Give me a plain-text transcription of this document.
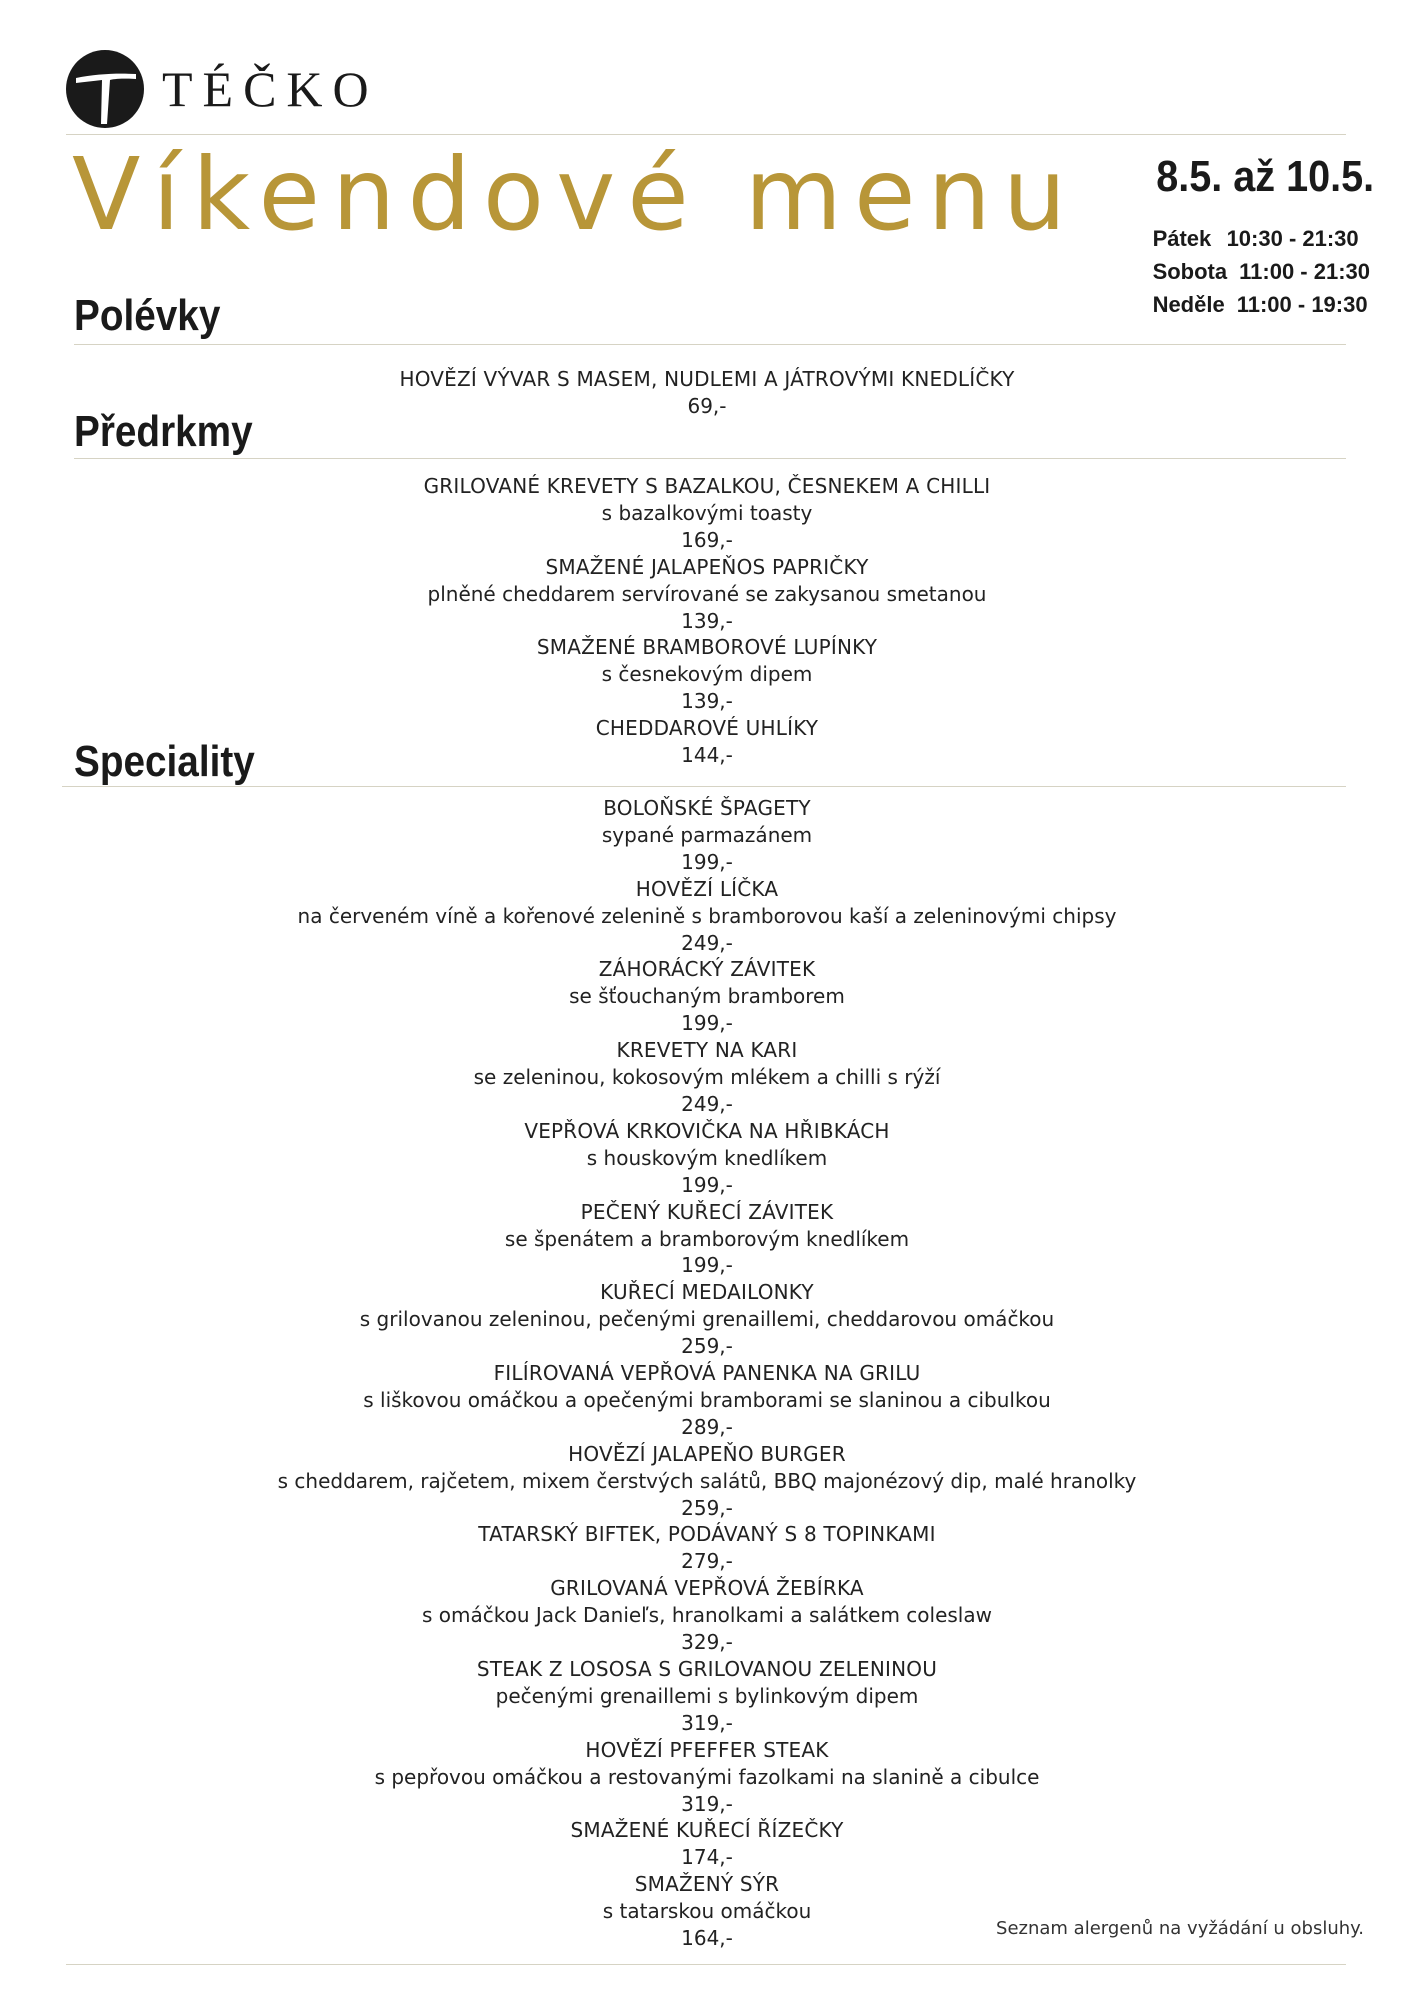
TÉČKO
Víkendové menu 8.5. až 10.5.
Pátek 10:30 - 21:30
Sobota 11:00 - 21:30
Neděle 11:00 - 19:30
Polévky
HOVĚZÍ VÝVAR S MASEM, NUDLEMI A JÁTROVÝMI KNEDLÍČKY
69,-
Předrkmy
GRILOVANÉ KREVETY S BAZALKOU, ČESNEKEM A CHILLI
s bazalkovými toasty
169,-
SMAŽENÉ JALAPEŇOS PAPRIČKY
plněné cheddarem servírované se zakysanou smetanou
139,-
SMAŽENÉ BRAMBOROVÉ LUPÍNKY
s česnekovým dipem
139,-
CHEDDAROVÉ UHLÍKY
144,-
Speciality
BOLOŇSKÉ ŠPAGETY
sypané parmazánem
199,-
HOVĚZÍ LÍČKA
na červeném víně a kořenové zelenině s bramborovou kaší a zeleninovými chipsy
249,-
ZÁHORÁCKÝ ZÁVITEK
se šťouchaným bramborem
199,-
KREVETY NA KARI
se zeleninou, kokosovým mlékem a chilli s rýží
249,-
VEPŘOVÁ KRKOVIČKA NA HŘIBKÁCH
s houskovým knedlíkem
199,-
PEČENÝ KUŘECÍ ZÁVITEK
se špenátem a bramborovým knedlíkem
199,-
KUŘECÍ MEDAILONKY
s grilovanou zeleninou, pečenými grenaillemi, cheddarovou omáčkou
259,-
FILÍROVANÁ VEPŘOVÁ PANENKA NA GRILU
s liškovou omáčkou a opečenými bramborami se slaninou a cibulkou
289,-
HOVĚZÍ JALAPEŇO BURGER
s cheddarem, rajčetem, mixem čerstvých salátů, BBQ majonézový dip, malé hranolky
259,-
TATARSKÝ BIFTEK, PODÁVANÝ S 8 TOPINKAMI
279,-
GRILOVANÁ VEPŘOVÁ ŽEBÍRKA
s omáčkou Jack Danieľs, hranolkami a salátkem coleslaw
329,-
STEAK Z LOSOSA S GRILOVANOU ZELENINOU
pečenými grenaillemi s bylinkovým dipem
319,-
HOVĚZÍ PFEFFER STEAK
s pepřovou omáčkou a restovanými fazolkami na slanině a cibulce
319,-
SMAŽENÉ KUŘECÍ ŘÍZEČKY
174,-
SMAŽENÝ SÝR
s tatarskou omáčkou
164,-	Seznam alergenů na vyžádání u obsluhy.
